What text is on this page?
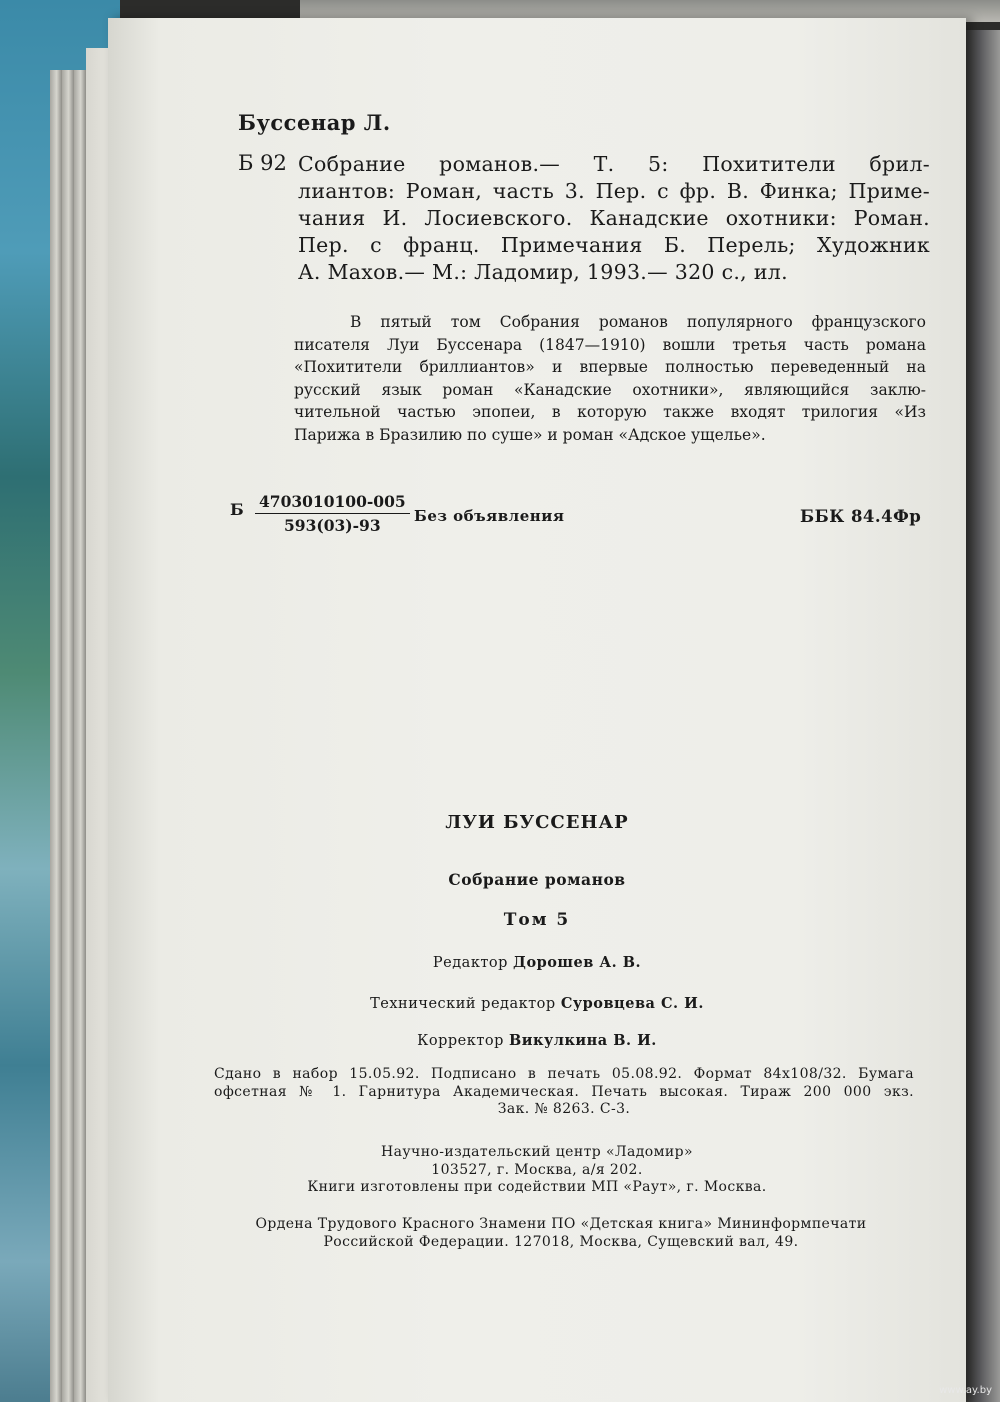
Буссенар Л.
Б 92 Собрание романов.— Т. 5: Похитители брил-
лиантов: Роман, часть 3. Пер. с фр. В. Финка; Приме-
чания И. Лосиевского. Канадские охотники: Роман.
Пер. с франц. Примечания Б. Перель; Художник
А. Махов.— М.: Ладомир, 1993.— 320 с., ил.
В пятый том Собрания романов популярного французского
писателя Луи Буссенара (1847—1910) вошли третья часть романа
«Похитители бриллиантов» и впервые полностью переведенный на
русский язык роман «Канадские охотники», являющийся заклю-
чительной частью эпопеи, в которую также входят трилогия «Из
Парижа в Бразилию по суше» и роман «Адское ущелье».
Б $\frac{4703010100-005}{593(03)-93}$ Без объявления	ББК 84.4Фр
ЛУИ БУССЕНАР
Собрание романов
Том 5
Редактор Дорошев А. В.
Технический редактор Суровцева С. И.
Корректор Викулкина В. И.
Сдано в набор 15.05.92. Подписано в печать 05.08.92. Формат 84x108/32. Бумага
офсетная № 1. Гарнитура Академическая. Печать высокая. Тираж 200 000 экз.
Зак. № 8263. С-3.
Научно-издательский центр «Ладомир»
103527, г. Москва, а/я 202.
Книги изготовлены при содействии МП «Раут», г. Москва.
Ордена Трудового Красного Знамени ПО «Детская книга» Мининформпечати
Российской Федерации. 127018, Москва, Сущевский вал, 49.
www.ay.by
